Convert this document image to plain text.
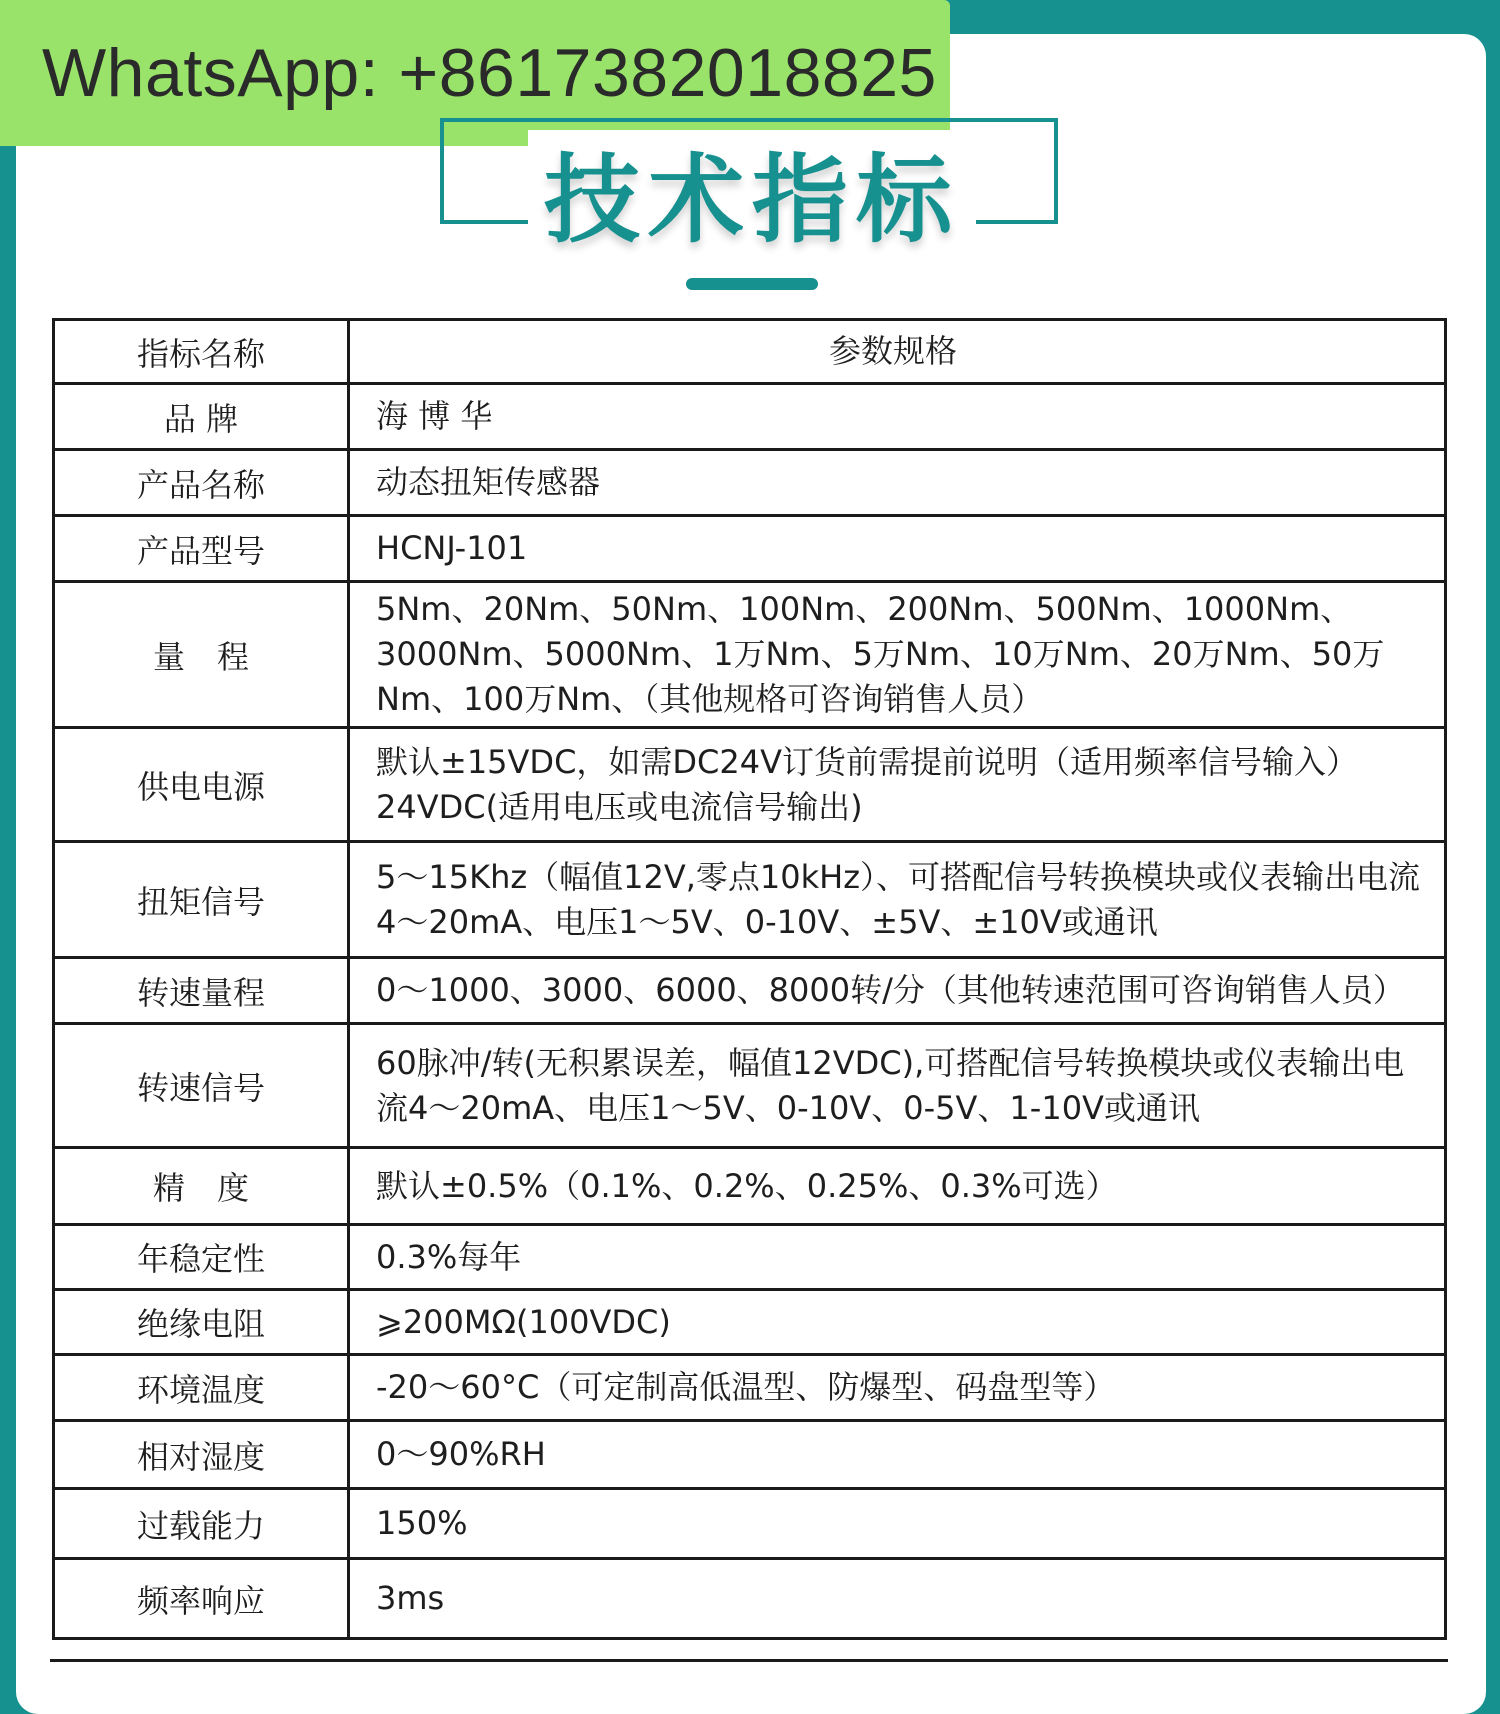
WhatsApp: +8617382018825
技术指标
指标名称	参数规格
品 牌	海 博 华
产品名称	动态扭矩传感器
产品型号	HCNJ-101
量　程	5Nm、20Nm、50Nm、100Nm、200Nm、500Nm、1000Nm、3000Nm、5000Nm、1万Nm、5万Nm、10万Nm、20万Nm、50万Nm、100万Nm、（其他规格可咨询销售人员）
供电电源	默认±15VDC，如需DC24V订货前需提前说明（适用频率信号输入）24VDC(适用电压或电流信号输出)
扭矩信号	5～15Khz（幅值12V,零点10kHz）、可搭配信号转换模块或仪表输出电流4～20mA、电压1～5V、0-10V、±5V、±10V或通讯
转速量程	0～1000、3000、6000、8000转/分（其他转速范围可咨询销售人员）
转速信号	60脉冲/转(无积累误差，幅值12VDC),可搭配信号转换模块或仪表输出电流4～20mA、电压1～5V、0-10V、0-5V、1-10V或通讯
精　度	默认±0.5%（0.1%、0.2%、0.25%、0.3%可选）
年稳定性	0.3%每年
绝缘电阻	⩾200MΩ(100VDC)
环境温度	-20～60°C（可定制高低温型、防爆型、码盘型等）
相对湿度	0～90%RH
过载能力	150%
频率响应	3ms
